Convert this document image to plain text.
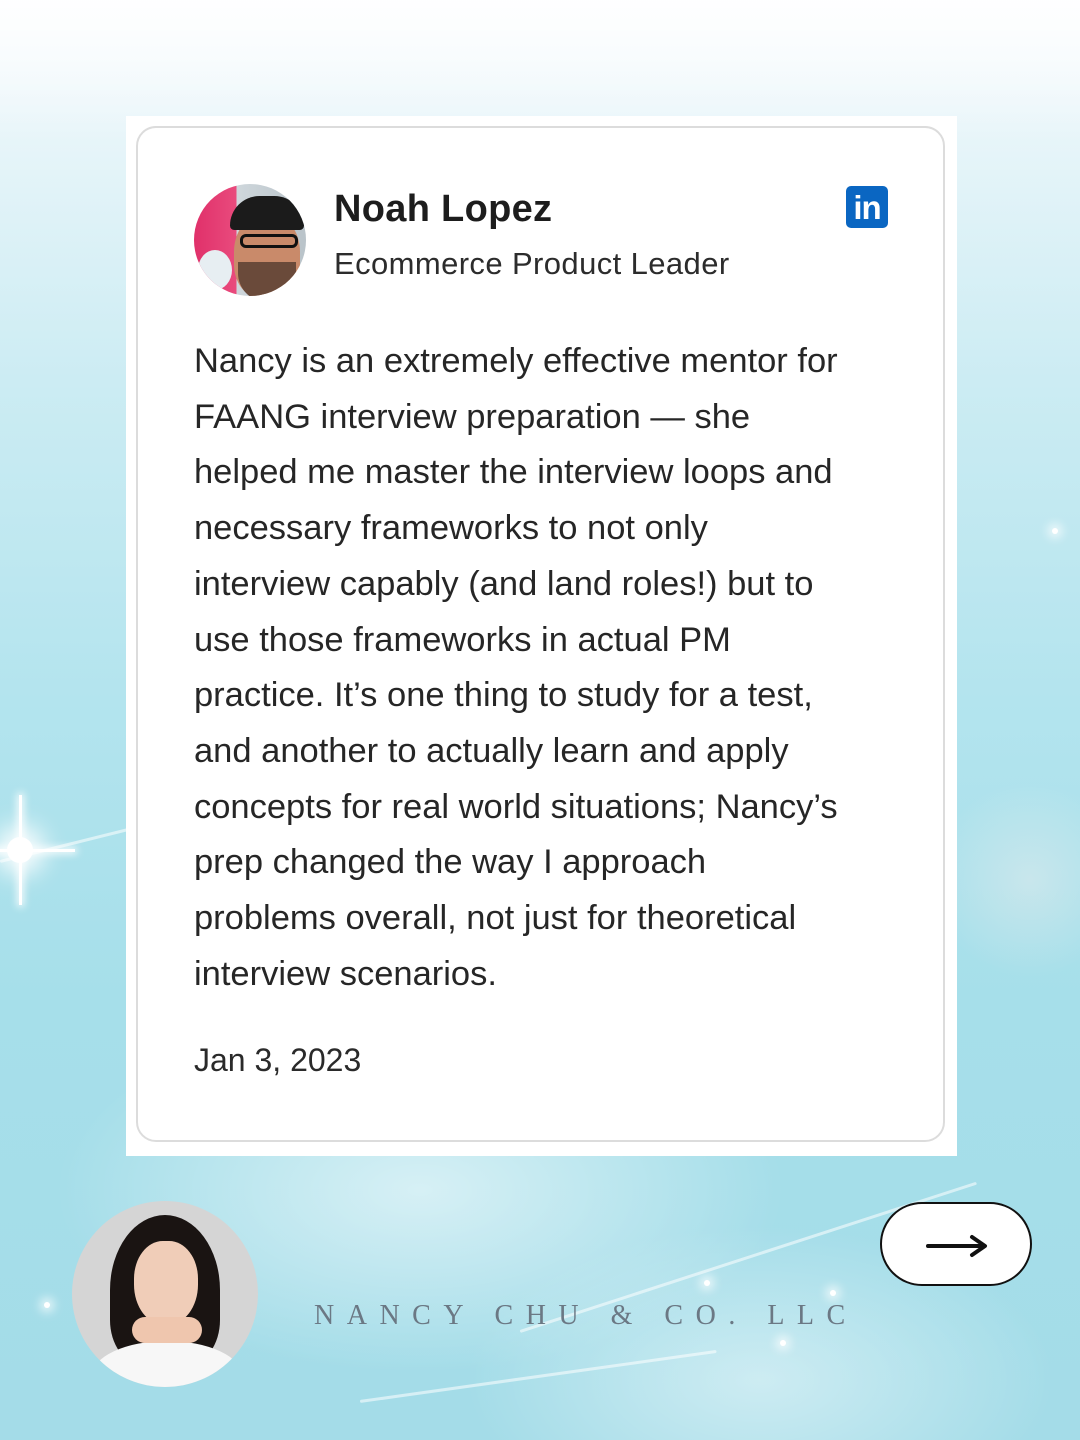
Noah Lopez
Ecommerce Product Leader
in

Nancy is an extremely effective mentor for
FAANG interview preparation — she
helped me master the interview loops and
necessary frameworks to not only
interview capably (and land roles!) but to
use those frameworks in actual PM
practice. It’s one thing to study for a test,
and another to actually learn and apply
concepts for real world situations; Nancy’s
prep changed the way I approach
problems overall, not just for theoretical
interview scenarios.

Jan 3, 2023
NANCY CHU & CO. LLC
